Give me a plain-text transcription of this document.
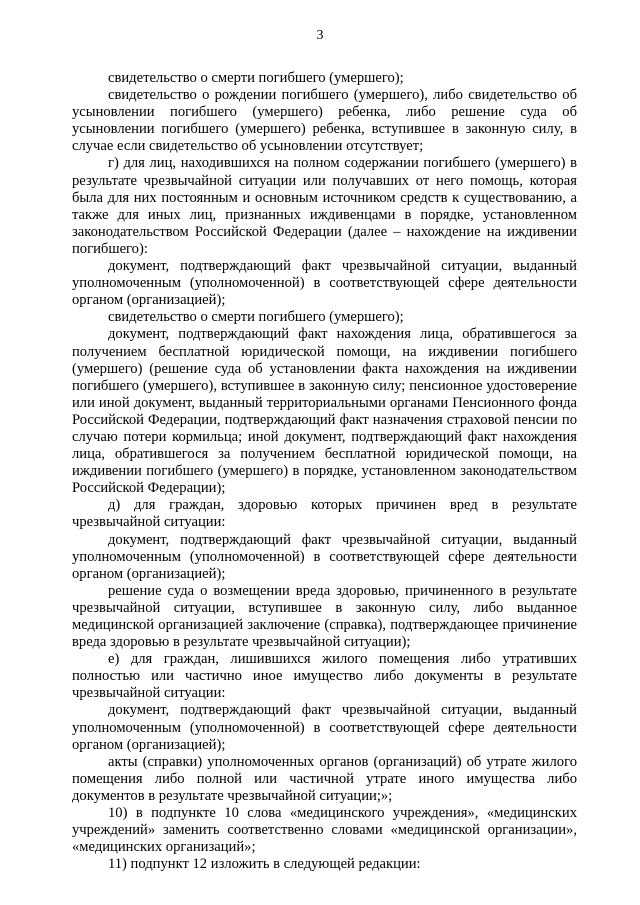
3

свидетельство о смерти погибшего (умершего);

свидетельство о рождении погибшего (умершего), либо свидетельство об усыновлении погибшего (умершего) ребенка, либо решение суда об усыновлении погибшего (умершего) ребенка, вступившее в законную силу, в случае если свидетельство об усыновлении отсутствует;

г) для лиц, находившихся на полном содержании погибшего (умершего) в результате чрезвычайной ситуации или получавших от него помощь, которая была для них постоянным и основным источником средств к существованию, а также для иных лиц, признанных иждивенцами в порядке, установленном законодательством Российской Федерации (далее – нахождение на иждивении погибшего):

документ, подтверждающий факт чрезвычайной ситуации, выданный уполномоченным (уполномоченной) в соответствующей сфере деятельности органом (организацией);

свидетельство о смерти погибшего (умершего);

документ, подтверждающий факт нахождения лица, обратившегося за получением бесплатной юридической помощи, на иждивении погибшего (умершего) (решение суда об установлении факта нахождения на иждивении погибшего (умершего), вступившее в законную силу; пенсионное удостоверение или иной документ, выданный территориальными органами Пенсионного фонда Российской Федерации, подтверждающий факт назначения страховой пенсии по случаю потери кормильца; иной документ, подтверждающий факт нахождения лица, обратившегося за получением бесплатной юридической помощи, на иждивении погибшего (умершего) в порядке, установленном законодательством Российской Федерации);

д) для граждан, здоровью которых причинен вред в результате чрезвычайной ситуации:

документ, подтверждающий факт чрезвычайной ситуации, выданный уполномоченным (уполномоченной) в соответствующей сфере деятельности органом (организацией);

решение суда о возмещении вреда здоровью, причиненного в результате чрезвычайной ситуации, вступившее в законную силу, либо выданное медицинской организацией заключение (справка), подтверждающее причинение вреда здоровью в результате чрезвычайной ситуации);

е) для граждан, лишившихся жилого помещения либо утративших полностью или частично иное имущество либо документы в результате чрезвычайной ситуации:

документ, подтверждающий факт чрезвычайной ситуации, выданный уполномоченным (уполномоченной) в соответствующей сфере деятельности органом (организацией);

акты (справки) уполномоченных органов (организаций) об утрате жилого помещения либо полной или частичной утрате иного имущества либо документов в результате чрезвычайной ситуации;»;

10) в подпункте 10 слова «медицинского учреждения», «медицинских учреждений» заменить соответственно словами «медицинской организации», «медицинских организаций»;

11) подпункт 12 изложить в следующей редакции:
